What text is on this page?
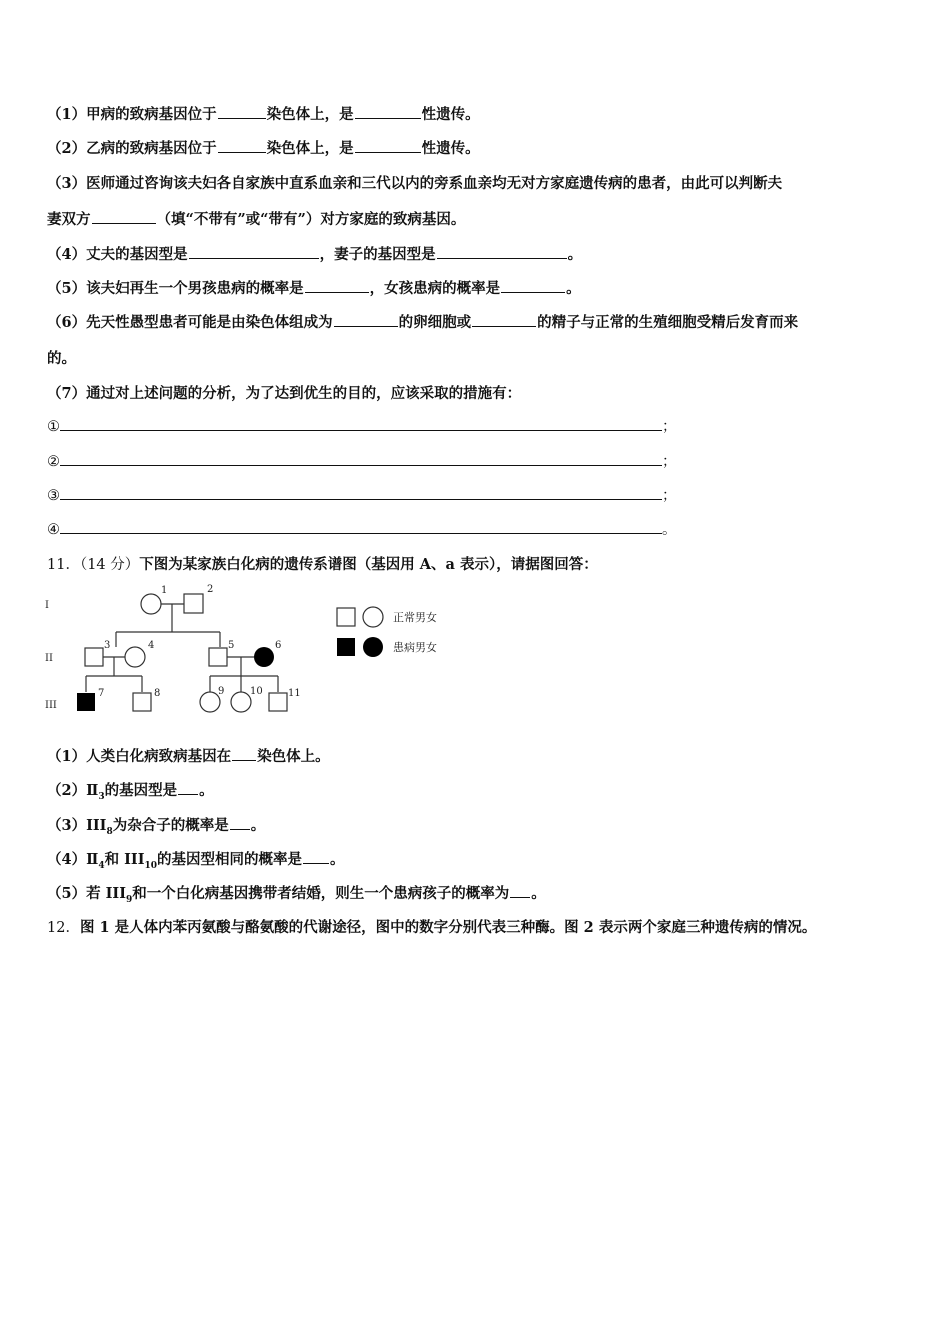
（1）甲病的致病基因位于	染色体上，是	性遗传。
（2）乙病的致病基因位于	染色体上，是	性遗传。
（3）医师通过咨询该夫妇各自家族中直系血亲和三代以内的旁系血亲均无对方家庭遗传病的患者，由此可以判断夫
妻双方	（填“不带有”或“带有”）对方家庭的致病基因。
（4）丈夫的基因型是	，妻子的基因型是	。
（5）该夫妇再生一个男孩患病的概率是	，女孩患病的概率是	。
（6）先天性愚型患者可能是由染色体组成为	的卵细胞或	的精子与正常的生殖细胞受精后发育而来
的。
（7）通过对上述问题的分析，为了达到优生的目的，应该采取的措施有：
①	；
②	；
③	；
④	。
11．（14 分）下图为某家族白化病的遗传系谱图（基因用 A、a 表示），请据图回答：
I
II
III
1	2
3	4	5	6
7	8	9	10	11
正常男女
患病男女
（1）人类白化病致病基因在 染色体上。
$(2)Ⅱ_3$的基因型是 。
$(3)III_8$为杂合子的概率是 。
$(4)Ⅱ_4$和 $III_{10}$的基因型相同的概率是 。
（5）若 $III_9$和一个白化病基因携带者结婚，则生一个患病孩子的概率为 。
12．图 1 是人体内苯丙氨酸与酪氨酸的代谢途径，图中的数字分别代表三种酶。图 2 表示两个家庭三种遗传病的情况。
